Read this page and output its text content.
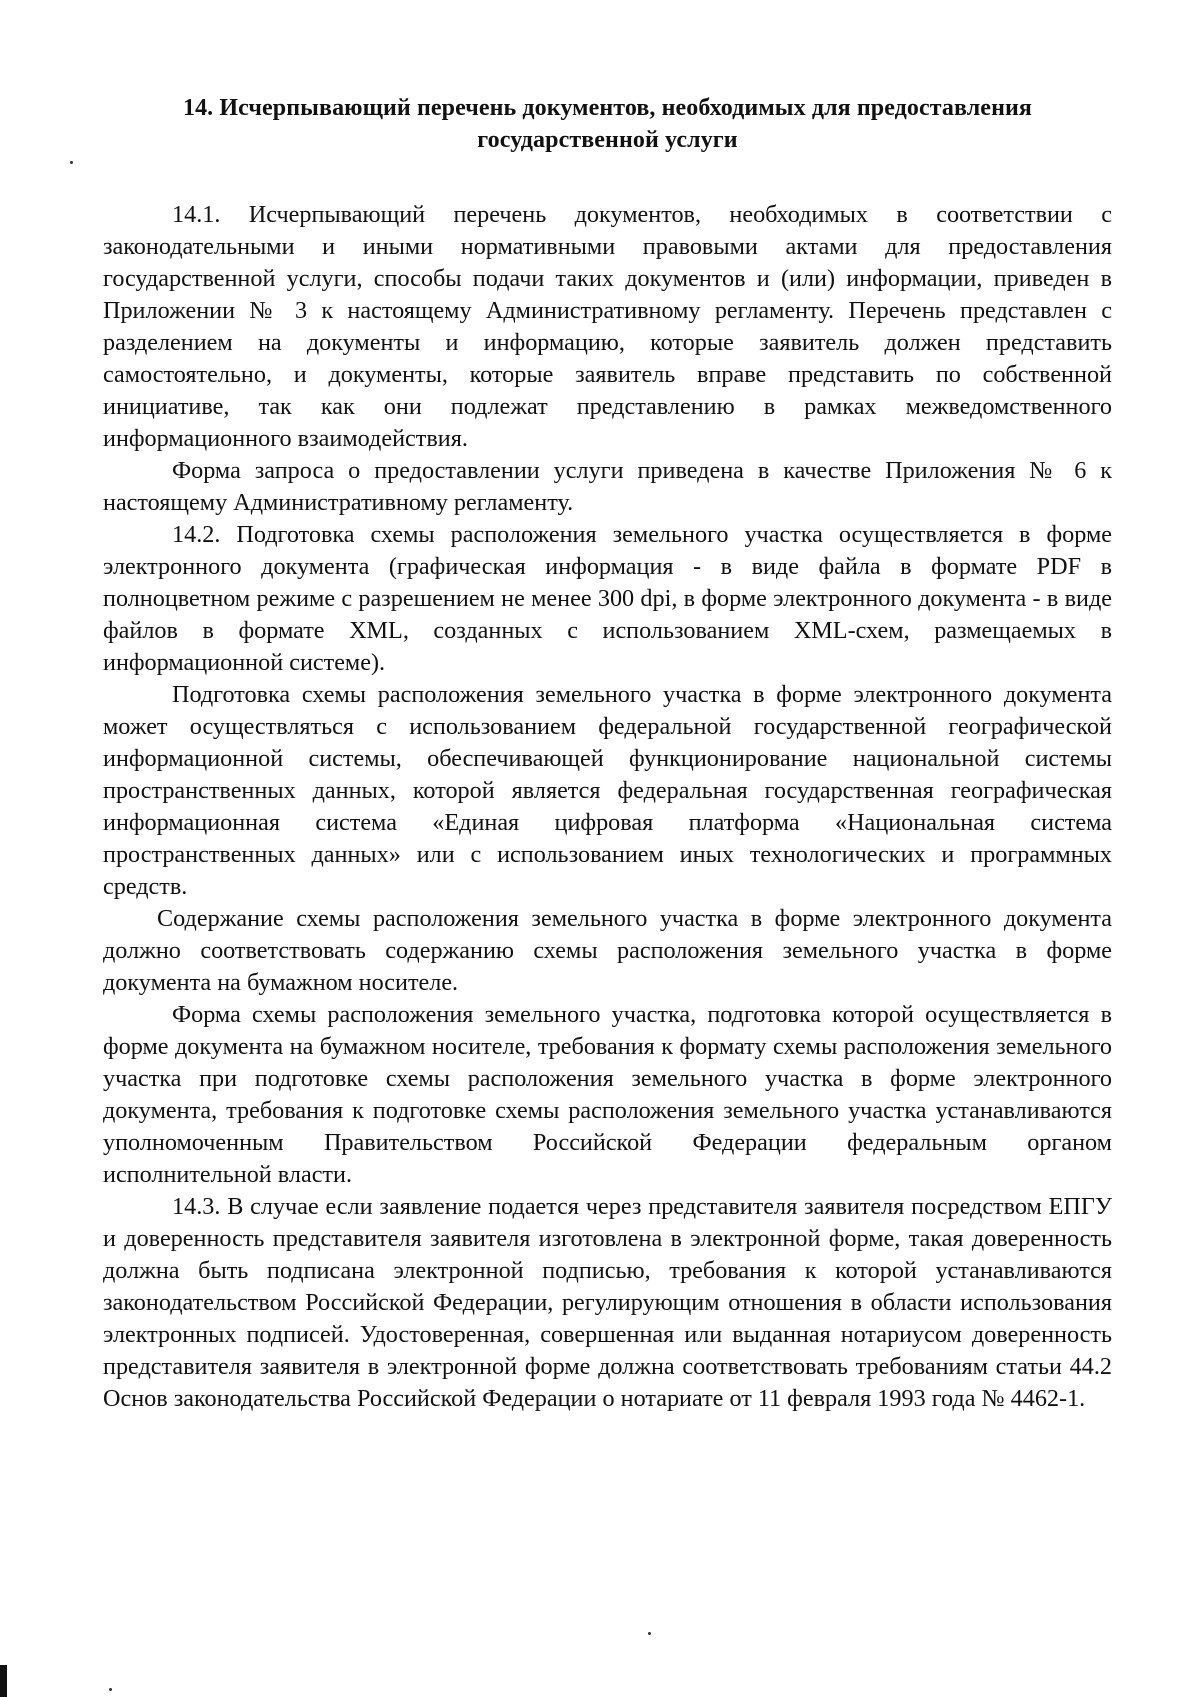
14. Исчерпывающий перечень документов, необходимых для предоставления государственной услуги

14.1. Исчерпывающий перечень документов, необходимых в соответствии с законодательными и иными нормативными правовыми актами для предоставления государственной услуги, способы подачи таких документов и (или) информации, приведен в Приложении № 3 к настоящему Административному регламенту. Перечень представлен с разделением на документы и информацию, которые заявитель должен представить самостоятельно, и документы, которые заявитель вправе представить по собственной инициативе, так как они подлежат представлению в рамках межведомственного информационного взаимодействия.

Форма запроса о предоставлении услуги приведена в качестве Приложения № 6 к настоящему Административному регламенту.

14.2. Подготовка схемы расположения земельного участка осуществляется в форме электронного документа (графическая информация - в виде файла в формате PDF в полноцветном режиме с разрешением не менее 300 dpi, в форме электронного документа - в виде файлов в формате XML, созданных с использованием XML-схем, размещаемых в информационной системе).

Подготовка схемы расположения земельного участка в форме электронного документа может осуществляться с использованием федеральной государственной географической информационной системы, обеспечивающей функционирование национальной системы пространственных данных, которой является федеральная государственная географическая информационная система «Единая цифровая платформа «Национальная система пространственных данных» или с использованием иных технологических и программных средств.

Содержание схемы расположения земельного участка в форме электронного документа должно соответствовать содержанию схемы расположения земельного участка в форме документа на бумажном носителе.

Форма схемы расположения земельного участка, подготовка которой осуществляется в форме документа на бумажном носителе, требования к формату схемы расположения земельного участка при подготовке схемы расположения земельного участка в форме электронного документа, требования к подготовке схемы расположения земельного участка устанавливаются уполномоченным Правительством Российской Федерации федеральным органом исполнительной власти.

14.3. В случае если заявление подается через представителя заявителя посредством ЕПГУ и доверенность представителя заявителя изготовлена в электронной форме, такая доверенность должна быть подписана электронной подписью, требования к которой устанавливаются законодательством Российской Федерации, регулирующим отношения в области использования электронных подписей. Удостоверенная, совершенная или выданная нотариусом доверенность представителя заявителя в электронной форме должна соответствовать требованиям статьи 44.2 Основ законодательства Российской Федерации о нотариате от 11 февраля 1993 года № 4462-1.
